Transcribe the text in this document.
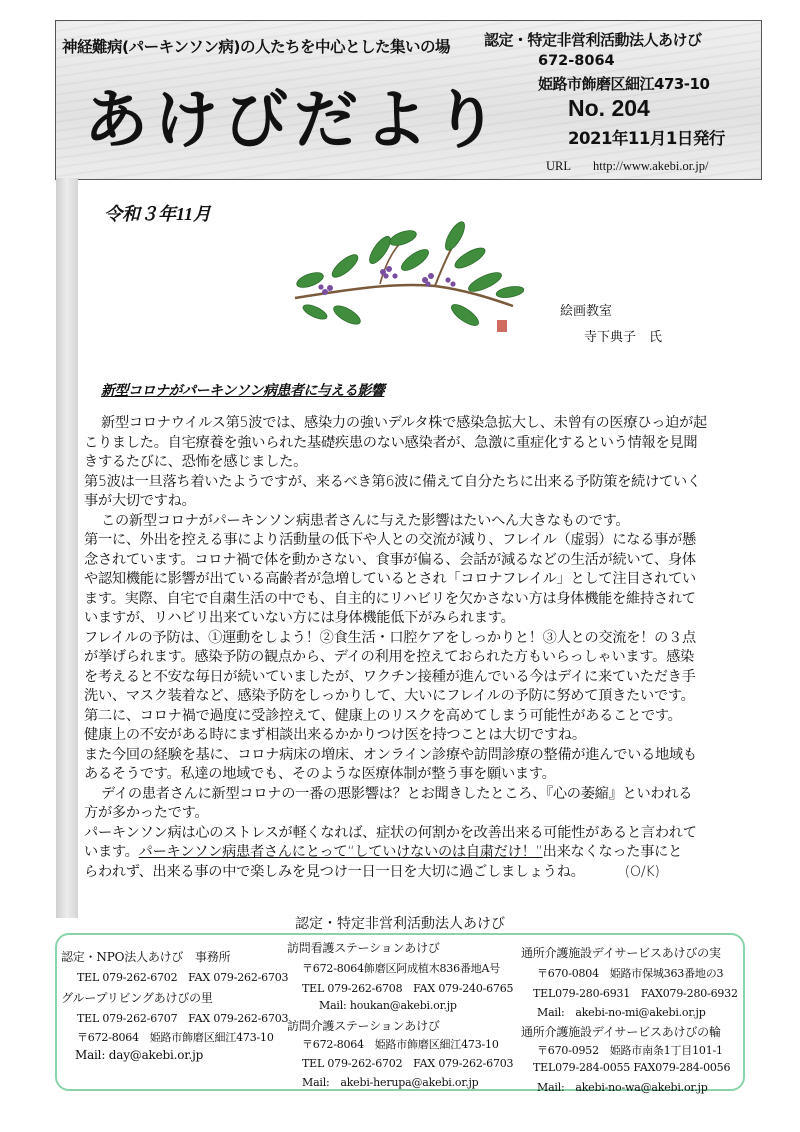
神経難病(パーキンソン病)の人たちを中心とした集いの場
あけびだより
認定・特定非営利活動法人あけび
672-8064
姫路市飾磨区細江473-10
No. 204
2021年11月1日発行
URL http://www.akebi.or.jp/
令和３年11月
絵画教室
寺下典子　氏
新型コロナがパーキンソン病患者に与える影響
新型コロナウイルス第5波では、感染力の強いデルタ株で感染急拡大し、未曾有の医療ひっ迫が起
こりました。自宅療養を強いられた基礎疾患のない感染者が、急激に重症化するという情報を見聞
きするたびに、恐怖を感じました。
第5波は一旦落ち着いたようですが、来るべき第6波に備えて自分たちに出来る予防策を続けていく
事が大切ですね。
この新型コロナがパーキンソン病患者さんに与えた影響はたいへん大きなものです。
第一に、外出を控える事により活動量の低下や人との交流が減り、フレイル（虚弱）になる事が懸
念されています。コロナ禍で体を動かさない、食事が偏る、会話が減るなどの生活が続いて、身体
や認知機能に影響が出ている高齢者が急増しているとされ「コロナフレイル」として注目されてい
ます。実際、自宅で自粛生活の中でも、自主的にリハビリを欠かさない方は身体機能を維持されて
いますが、リハビリ出来ていない方には身体機能低下がみられます。
フレイルの予防は、①運動をしよう！②食生活・口腔ケアをしっかりと！③人との交流を！の３点
が挙げられます。感染予防の観点から、デイの利用を控えておられた方もいらっしゃいます。感染
を考えると不安な毎日が続いていましたが、ワクチン接種が進んでいる今はデイに来ていただき手
洗い、マスク装着など、感染予防をしっかりして、大いにフレイルの予防に努めて頂きたいです。
第二に、コロナ禍で過度に受診控えて、健康上のリスクを高めてしまう可能性があることです。
健康上の不安がある時にまず相談出来るかかりつけ医を持つことは大切ですね。
また今回の経験を基に、コロナ病床の増床、オンライン診療や訪問診療の整備が進んでいる地域も
あるそうです。私達の地域でも、そのような医療体制が整う事を願います。
デイの患者さんに新型コロナの一番の悪影響は？とお聞きしたところ、『心の萎縮』といわれる
方が多かったです。
パーキンソン病は心のストレスが軽くなれば、症状の何割かを改善出来る可能性があると言われて
います。パーキンソン病患者さんにとって“していけないのは自粛だけ！”出来なくなった事にと
らわれず、出来る事の中で楽しみを見つけ一日一日を大切に過ごしましょうね。	(O/K)
認定・特定非営利活動法人あけび
認定・NPO法人あけび　事務所
TEL 079-262-6702　FAX 079-262-6703
グループリビングあけびの里
TEL 079-262-6707　FAX 079-262-6703
〒672-8064　姫路市飾磨区細江473-10
Mail: day@akebi.or.jp
訪問看護ステーションあけび
〒672-8064飾磨区阿成植木836番地A号
TEL 079-262-6708　FAX 079-240-6765
Mail: houkan@akebi.or.jp
訪問介護ステーションあけび
〒672-8064　姫路市飾磨区細江473-10
TEL 079-262-6702　FAX 079-262-6703
Mail:　akebi-herupa@akebi.or.jp
通所介護施設デイサービスあけびの実
〒670-0804　姫路市保城363番地の3
TEL079-280-6931　FAX079-280-6932
Mail:　akebi-no-mi@akebi.or.jp
通所介護施設デイサービスあけびの輪
〒670-0952　姫路市南条1丁目101-1
TEL079-284-0055 FAX079-284-0056
Mail:　akebi-no-wa@akebi.or.jp
